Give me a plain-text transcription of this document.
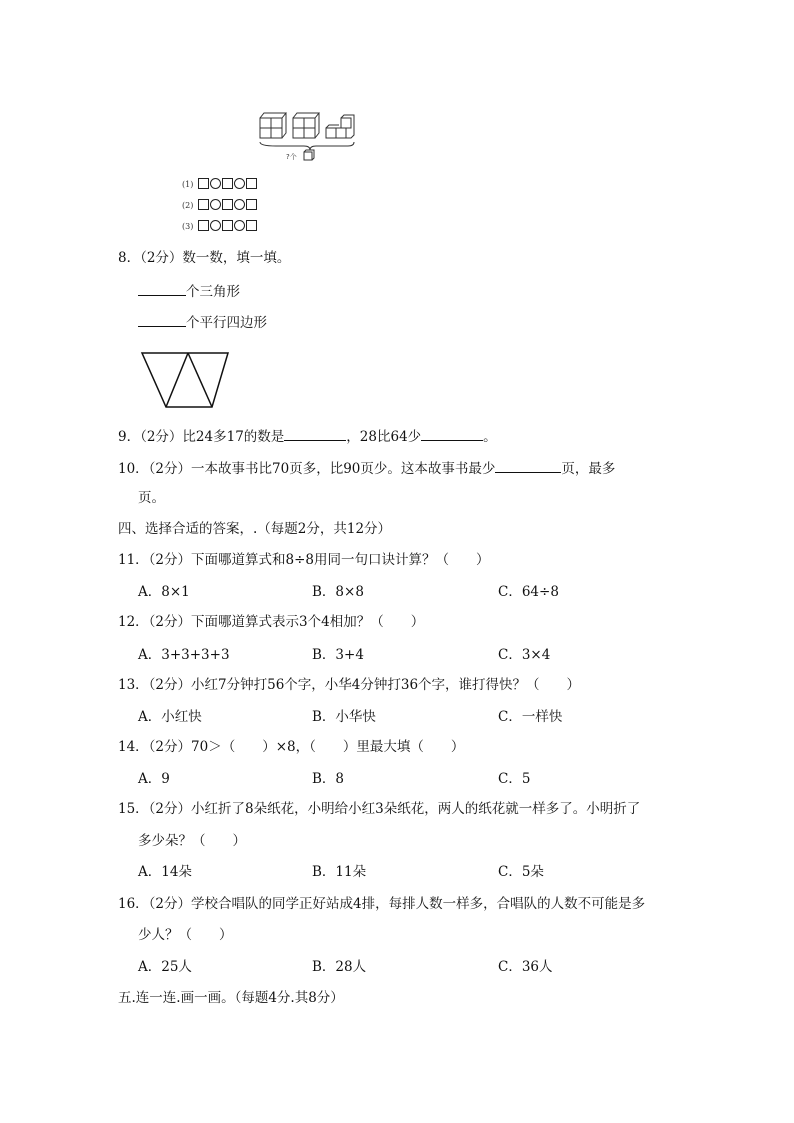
?个
(1)
(2)
(3)
8．（2分）数一数，填一填。
个三角形
个平行四边形
9．（2分）比24多17的数是	，28比64少	。
10．（2分）一本故事书比70页多，比90页少。这本故事书最少	页，最多
页。
四、选择合适的答案，.（每题2分，共12分）
11．（2分）下面哪道算式和8÷8用同一句口诀计算？（　　）
A．8×1	B．8×8	C．64÷8
12．（2分）下面哪道算式表示3个4相加？（　　）
A．3+3+3+3	B．3+4	C．3×4
13．（2分）小红7分钟打56个字，小华4分钟打36个字，谁打得快？（　　）
A．小红快	B．小华快	C．一样快
14．（2分）70＞（　　）×8，（　　）里最大填（　　）
A．9	B．8	C．5
15．（2分）小红折了8朵纸花，小明给小红3朵纸花，两人的纸花就一样多了。小明折了
多少朵？（　　）
A．14朵	B．11朵	C．5朵
16．（2分）学校合唱队的同学正好站成4排，每排人数一样多，合唱队的人数不可能是多
少人？（　　）
A．25人	B．28人	C．36人
五.连一连.画一画。（每题4分.其8分）
